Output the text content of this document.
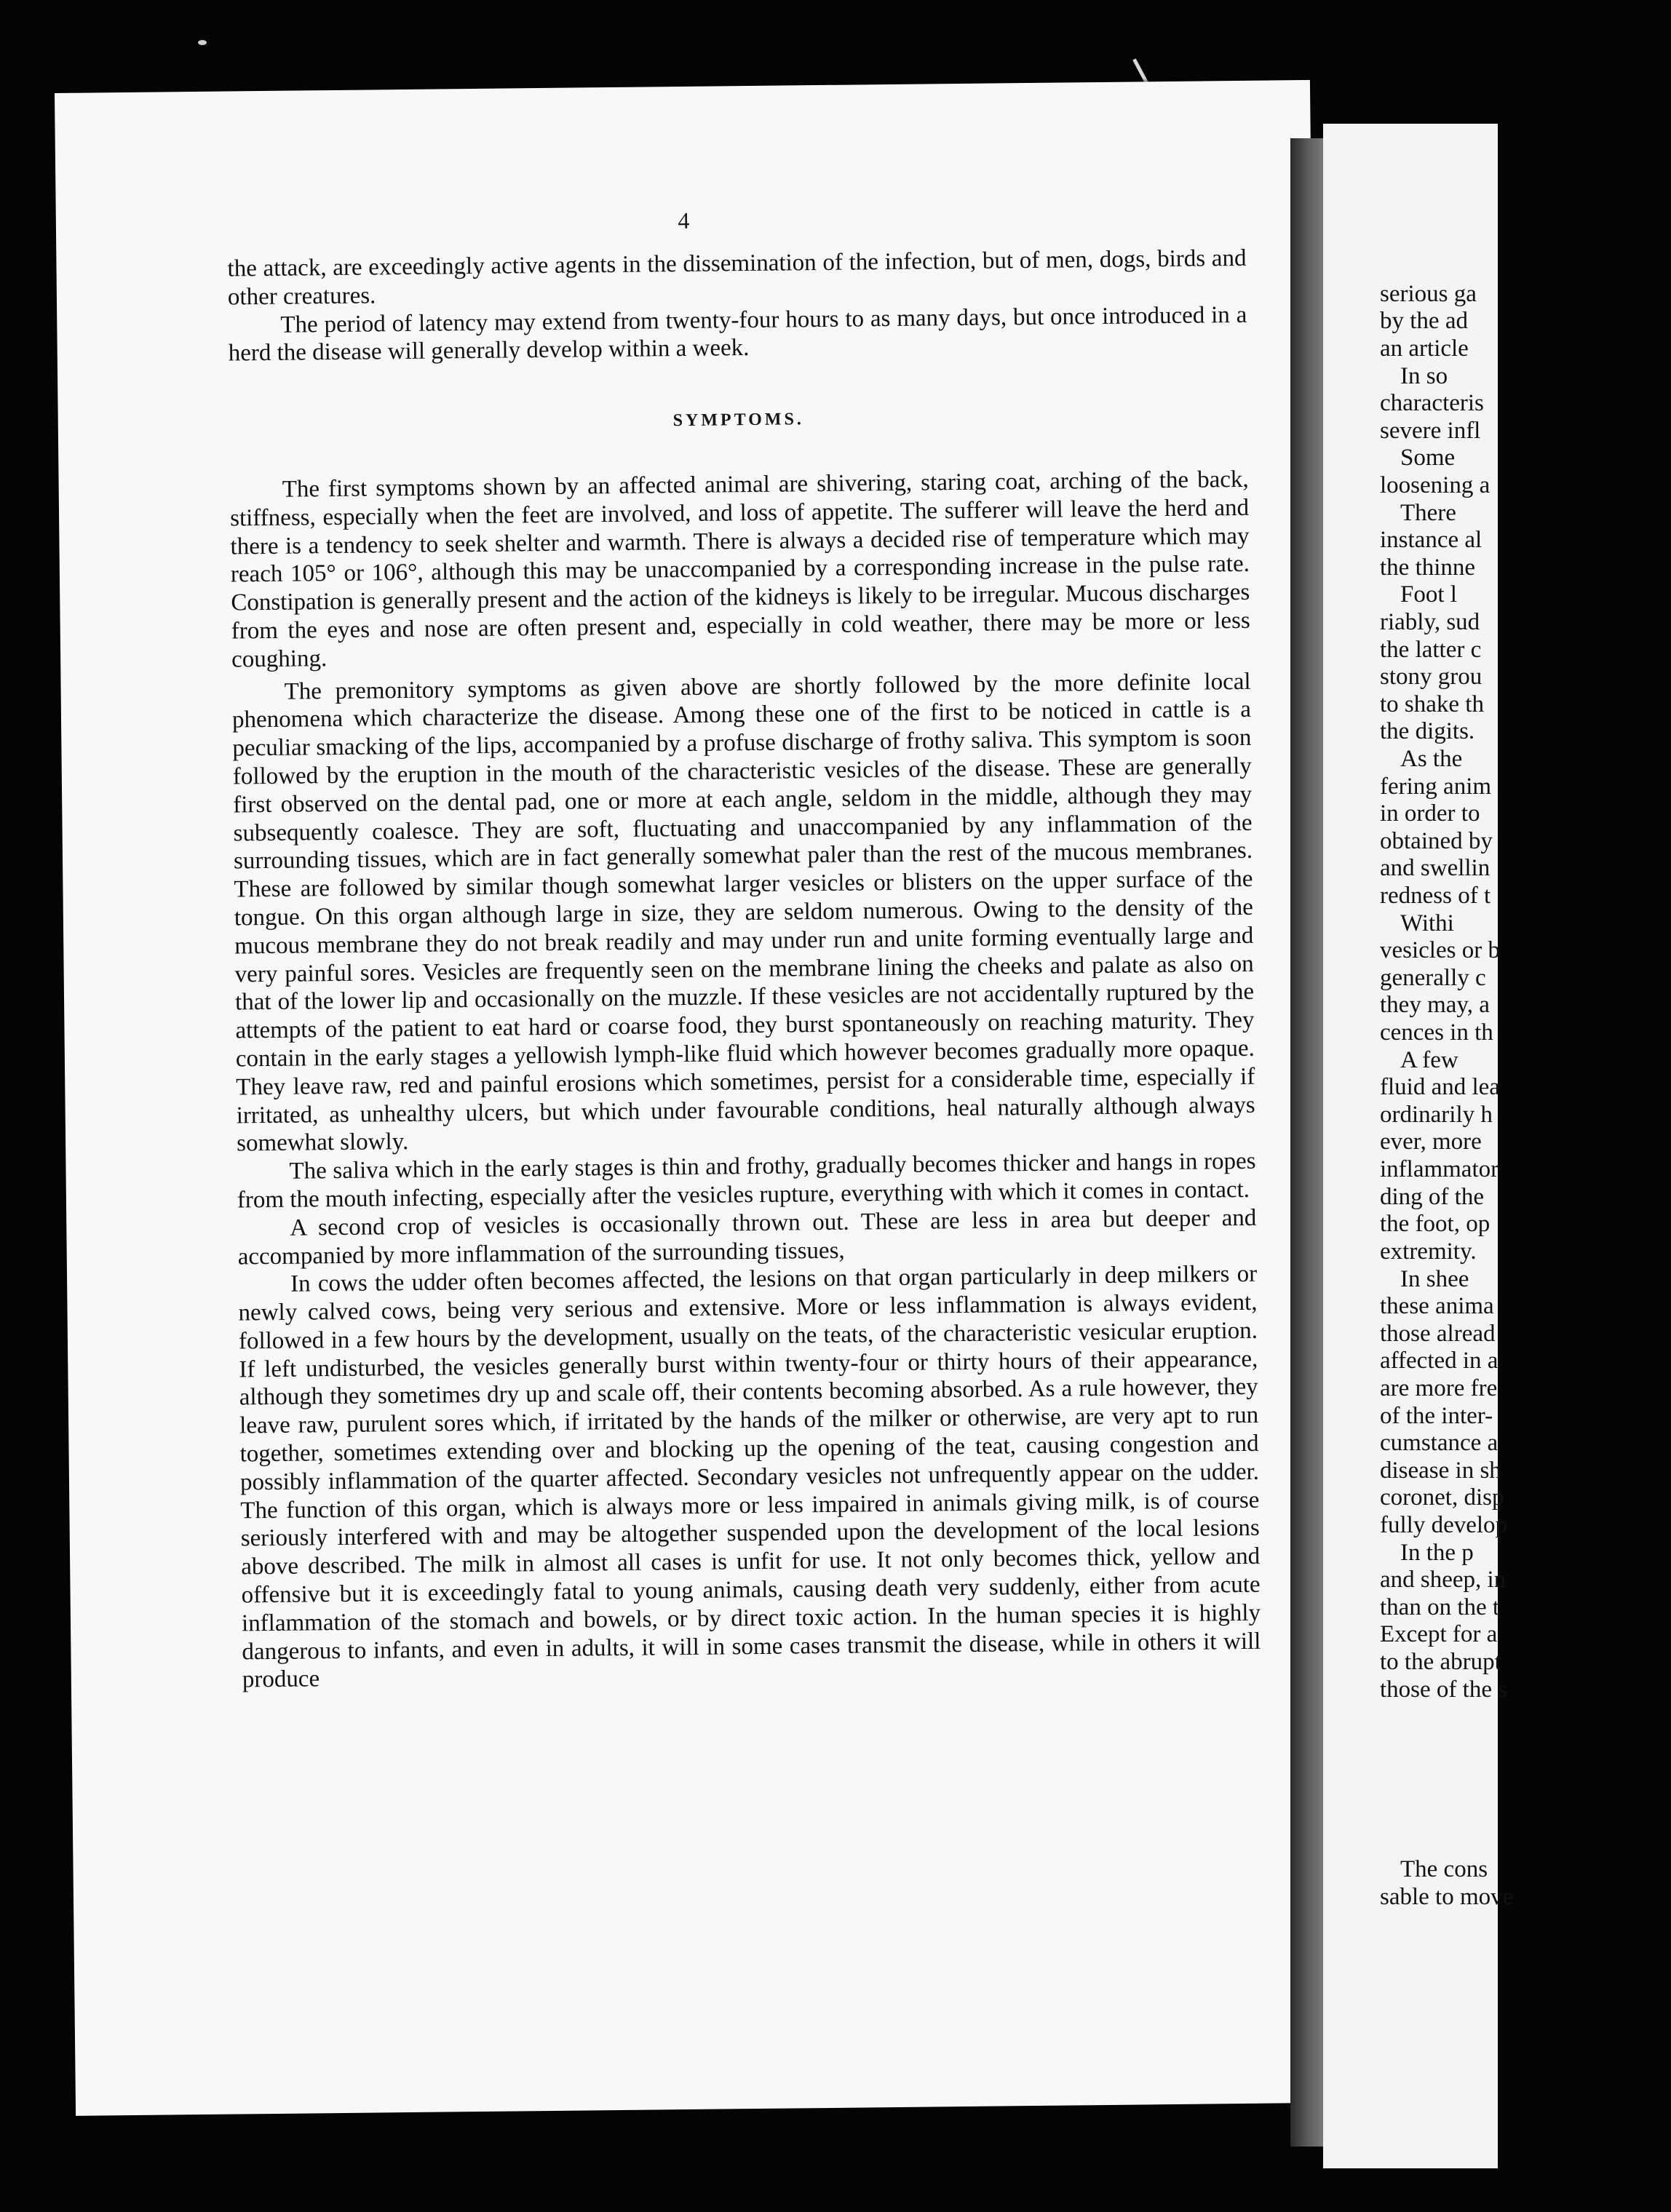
4

the attack, are exceedingly active agents in the dissemination of the infection, but of men, dogs, birds and other creatures.

The period of latency may extend from twenty-four hours to as many days, but once introduced in a herd the disease will generally develop within a week.

SYMPTOMS.

The first symptoms shown by an affected animal are shivering, staring coat, arching of the back, stiffness, especially when the feet are involved, and loss of appetite. The sufferer will leave the herd and there is a tendency to seek shelter and warmth. There is always a decided rise of temperature which may reach 105° or 106°, although this may be unaccompanied by a corresponding increase in the pulse rate. Constipation is generally present and the action of the kidneys is likely to be irregular. Mucous discharges from the eyes and nose are often present and, especially in cold weather, there may be more or less coughing.

The premonitory symptoms as given above are shortly followed by the more definite local phenomena which characterize the disease. Among these one of the first to be noticed in cattle is a peculiar smacking of the lips, accompanied by a profuse discharge of frothy saliva. This symptom is soon followed by the eruption in the mouth of the characteristic vesicles of the disease. These are generally first observed on the dental pad, one or more at each angle, seldom in the middle, although they may subsequently coalesce. They are soft, fluctuating and unaccompanied by any inflammation of the surrounding tissues, which are in fact generally somewhat paler than the rest of the mucous membranes. These are followed by similar though somewhat larger vesicles or blisters on the upper surface of the tongue. On this organ although large in size, they are seldom numerous. Owing to the density of the mucous membrane they do not break readily and may under run and unite forming eventually large and very painful sores. Vesicles are frequently seen on the membrane lining the cheeks and palate as also on that of the lower lip and occasionally on the muzzle. If these vesicles are not accidentally ruptured by the attempts of the patient to eat hard or coarse food, they burst spontaneously on reaching maturity. They contain in the early stages a yellowish lymph-like fluid which however becomes gradually more opaque. They leave raw, red and painful erosions which sometimes, persist for a considerable time, especially if irritated, as unhealthy ulcers, but which under favourable conditions, heal naturally although always somewhat slowly.

The saliva which in the early stages is thin and frothy, gradually becomes thicker and hangs in ropes from the mouth infecting, especially after the vesicles rupture, everything with which it comes in contact.

A second crop of vesicles is occasionally thrown out. These are less in area but deeper and accompanied by more inflammation of the surrounding tissues,

In cows the udder often becomes affected, the lesions on that organ particularly in deep milkers or newly calved cows, being very serious and extensive. More or less inflammation is always evident, followed in a few hours by the development, usually on the teats, of the characteristic vesicular eruption. If left undisturbed, the vesicles generally burst within twenty-four or thirty hours of their appearance, although they sometimes dry up and scale off, their contents becoming absorbed. As a rule however, they leave raw, purulent sores which, if irritated by the hands of the milker or otherwise, are very apt to run together, sometimes extending over and blocking up the opening of the teat, causing congestion and possibly inflammation of the quarter affected. Secondary vesicles not unfrequently appear on the udder. The function of this organ, which is always more or less impaired in animals giving milk, is of course seriously interfered with and may be altogether suspended upon the development of the local lesions above described. The milk in almost all cases is unfit for use. It not only becomes thick, yellow and offensive but it is exceedingly fatal to young animals, causing death very suddenly, either from acute inflammation of the stomach and bowels, or by direct toxic action. In the human species it is highly dangerous to infants, and even in adults, it will in some cases transmit the disease, while in others it will produce

serious ga
by the ad
an article
In so
characteris
severe infl
Some
loosening a
There
instance al
the thinne
Foot l
riably, sud
the latter c
stony grou
to shake th
the digits.
As the
fering anim
in order to
obtained by
and swellin
redness of t
Withi
vesicles or b
generally c
they may, a
cences in th
A few
fluid and lea
ordinarily h
ever, more
inflammator
ding of the
the foot, op
extremity.
In shee
these anima
those alread
affected in a
are more fre
of the inter-
cumstance a
disease in sh
coronet, disp
fully develop
In the p
and sheep, in
than on the t
Except for a
to the abrupt
those of the s
The cons
sable to move
